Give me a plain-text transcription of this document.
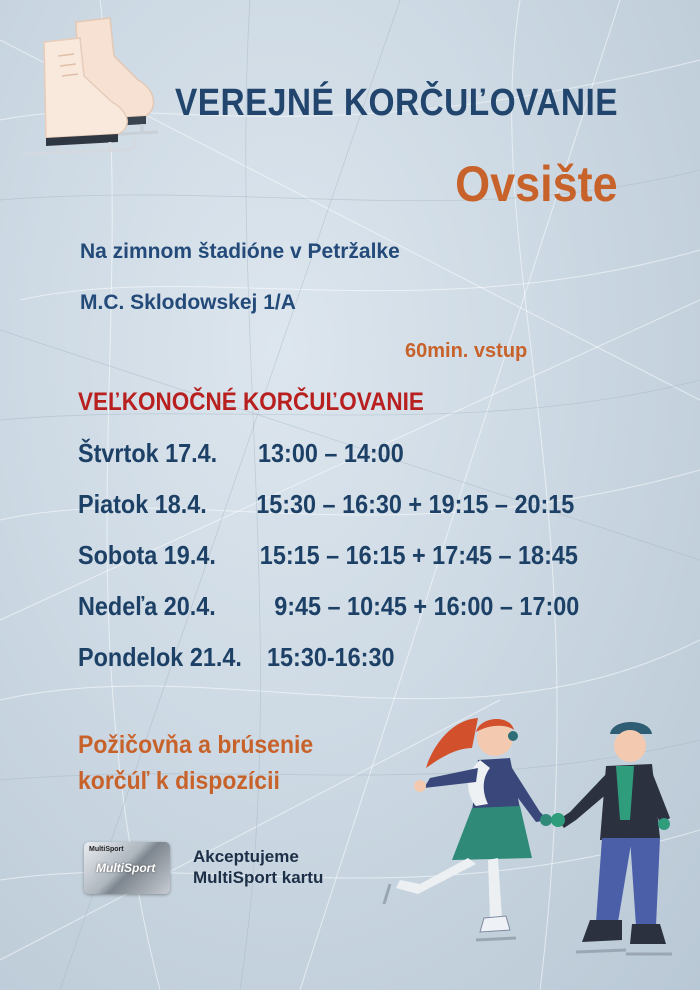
VEREJNÉ KORČUĽOVANIE
Ovsište
Na zimnom štadióne v Petržalke
M.C. Sklodowskej 1/A
60min. vstup
VEĽKONOČNÉ KORČUĽOVANIE
Štvrtok 17.4. 13:00 – 14:00
Piatok 18.4. 15:30 – 16:30 + 19:15 – 20:15
Sobota 19.4. 15:15 – 16:15 + 17:45 – 18:45
Nedeľa 20.4. 9:45 – 10:45 + 16:00 – 17:00
Pondelok 21.4. 15:30-16:30
Požičovňa a brúsenie
korčúľ k dispozícii
MultiSport
MultiSport
Akceptujeme
MultiSport kartu
